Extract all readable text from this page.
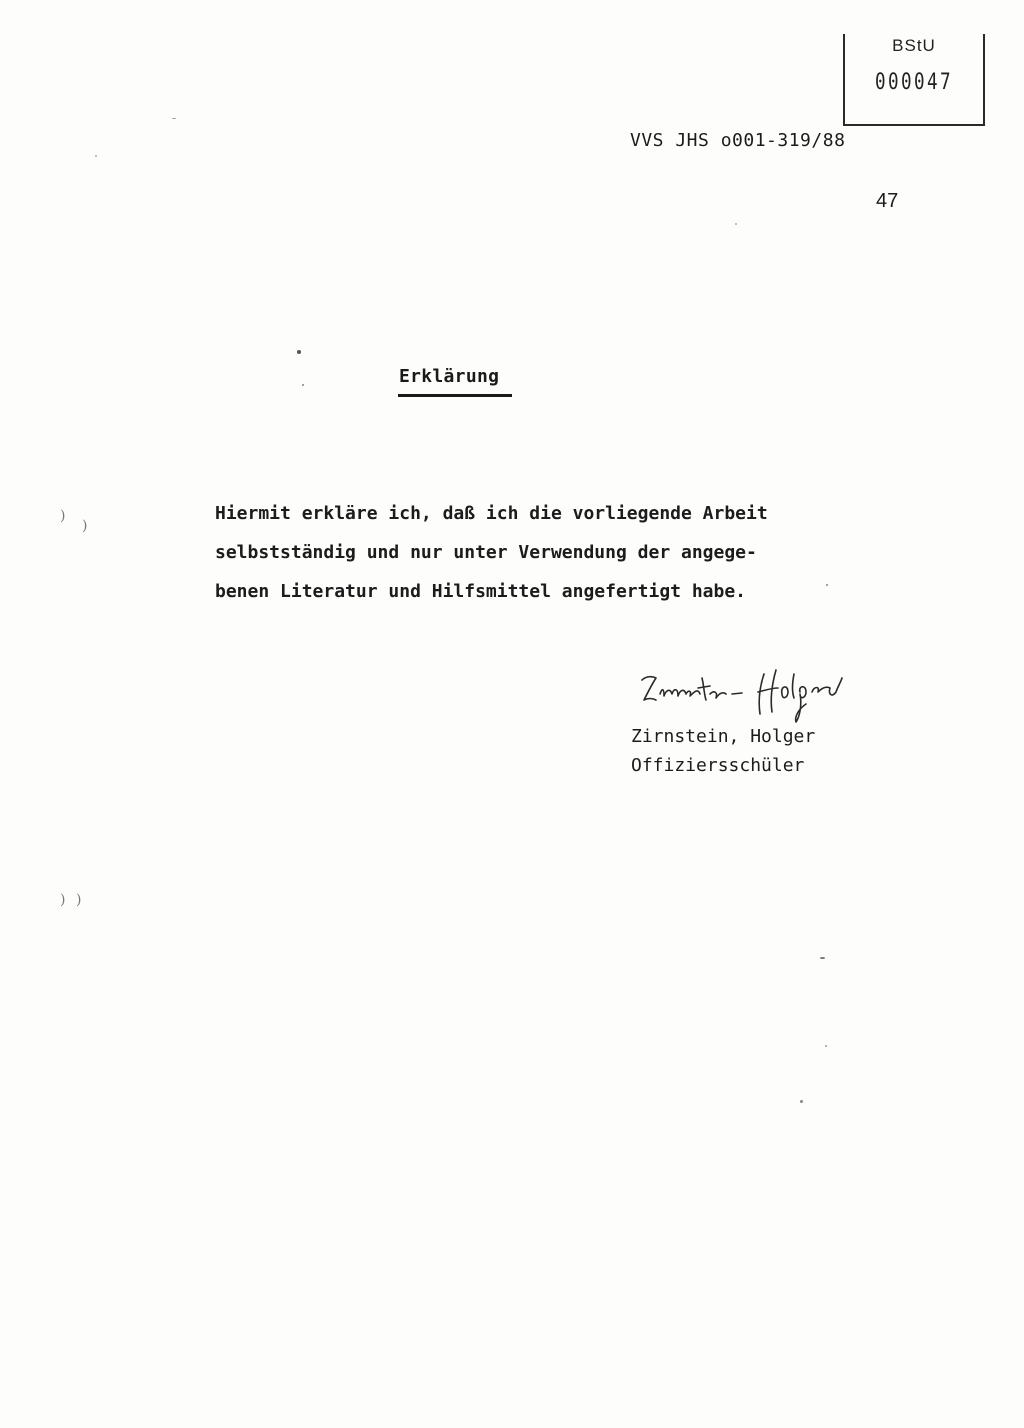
BStU
000047
VVS JHS o001-319/88
47
Erklärung
Hiermit erkläre ich, daß ich die vorliegende Arbeit
selbstständig und nur unter Verwendung der angege-
benen Literatur und Hilfsmittel angefertigt habe.
Zirnstein, Holger
Offiziersschüler
)
)
) )
